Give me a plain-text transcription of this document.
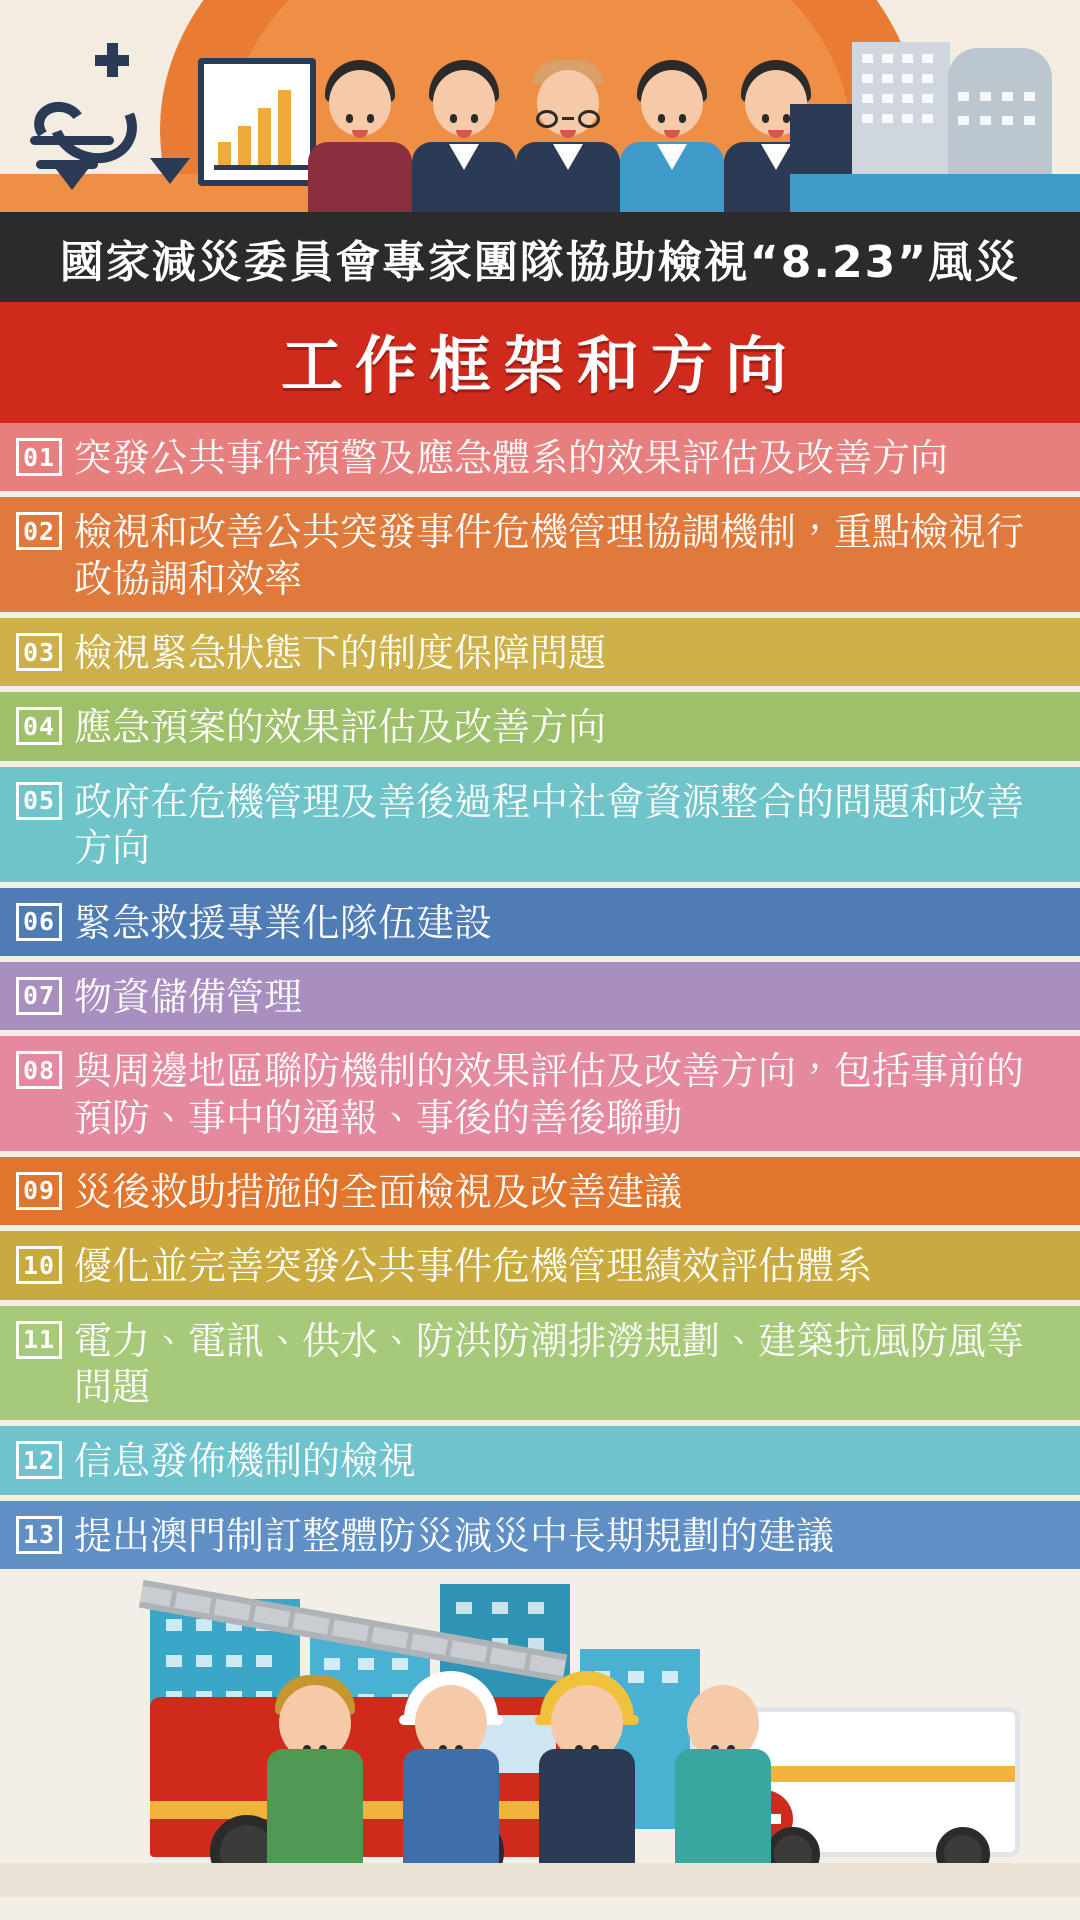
國家減災委員會專家團隊協助檢視“8.23”風災
工作框架和方向
01 突發公共事件預警及應急體系的效果評估及改善方向
02 檢視和改善公共突發事件危機管理協調機制，重點檢視行政協調和效率
03 檢視緊急狀態下的制度保障問題
04 應急預案的效果評估及改善方向
05 政府在危機管理及善後過程中社會資源整合的問題和改善方向
06 緊急救援專業化隊伍建設
07 物資儲備管理
08 與周邊地區聯防機制的效果評估及改善方向，包括事前的預防、事中的通報、事後的善後聯動
09 災後救助措施的全面檢視及改善建議
10 優化並完善突發公共事件危機管理績效評估體系
11 電力、電訊、供水、防洪防潮排澇規劃、建築抗風防風等問題
12 信息發佈機制的檢視
13 提出澳門制訂整體防災減災中長期規劃的建議
